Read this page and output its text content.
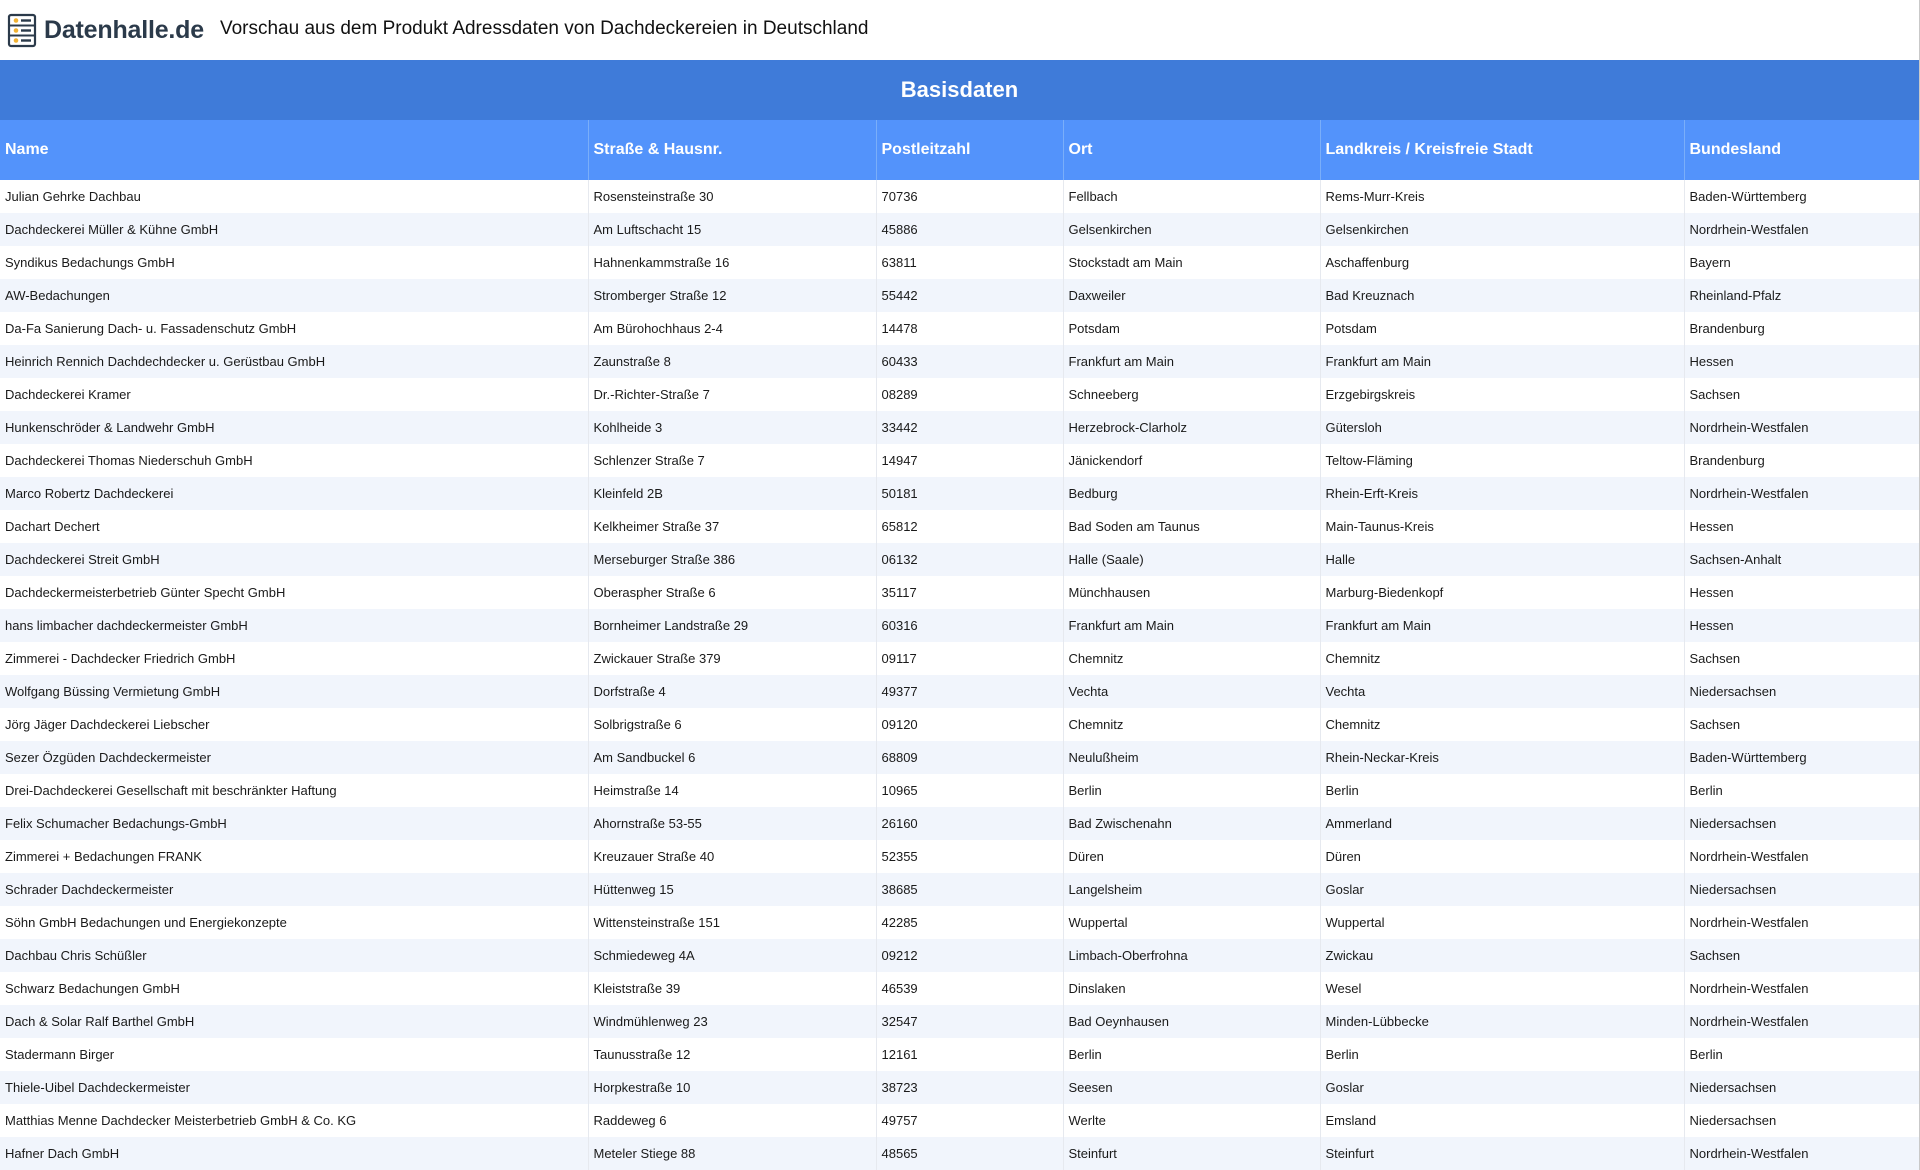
Datenhalle.de Vorschau aus dem Produkt Adressdaten von Dachdeckereien in Deutschland
Basisdaten
Name	Straße & Hausnr.	Postleitzahl	Ort	Landkreis / Kreisfreie Stadt	Bundesland
Julian Gehrke Dachbau	Rosensteinstraße 30	70736	Fellbach	Rems-Murr-Kreis	Baden-Württemberg
Dachdeckerei Müller & Kühne GmbH	Am Luftschacht 15	45886	Gelsenkirchen	Gelsenkirchen	Nordrhein-Westfalen
Syndikus Bedachungs GmbH	Hahnenkammstraße 16	63811	Stockstadt am Main	Aschaffenburg	Bayern
AW-Bedachungen	Stromberger Straße 12	55442	Daxweiler	Bad Kreuznach	Rheinland-Pfalz
Da-Fa Sanierung Dach- u. Fassadenschutz GmbH	Am Bürohochhaus 2-4	14478	Potsdam	Potsdam	Brandenburg
Heinrich Rennich Dachdechdecker u. Gerüstbau GmbH	Zaunstraße 8	60433	Frankfurt am Main	Frankfurt am Main	Hessen
Dachdeckerei Kramer	Dr.-Richter-Straße 7	08289	Schneeberg	Erzgebirgskreis	Sachsen
Hunkenschröder & Landwehr GmbH	Kohlheide 3	33442	Herzebrock-Clarholz	Gütersloh	Nordrhein-Westfalen
Dachdeckerei Thomas Niederschuh GmbH	Schlenzer Straße 7	14947	Jänickendorf	Teltow-Fläming	Brandenburg
Marco Robertz Dachdeckerei	Kleinfeld 2B	50181	Bedburg	Rhein-Erft-Kreis	Nordrhein-Westfalen
Dachart Dechert	Kelkheimer Straße 37	65812	Bad Soden am Taunus	Main-Taunus-Kreis	Hessen
Dachdeckerei Streit GmbH	Merseburger Straße 386	06132	Halle (Saale)	Halle	Sachsen-Anhalt
Dachdeckermeisterbetrieb Günter Specht GmbH	Oberaspher Straße 6	35117	Münchhausen	Marburg-Biedenkopf	Hessen
hans limbacher dachdeckermeister GmbH	Bornheimer Landstraße 29	60316	Frankfurt am Main	Frankfurt am Main	Hessen
Zimmerei - Dachdecker Friedrich GmbH	Zwickauer Straße 379	09117	Chemnitz	Chemnitz	Sachsen
Wolfgang Büssing Vermietung GmbH	Dorfstraße 4	49377	Vechta	Vechta	Niedersachsen
Jörg Jäger Dachdeckerei Liebscher	Solbrigstraße 6	09120	Chemnitz	Chemnitz	Sachsen
Sezer Özgüden Dachdeckermeister	Am Sandbuckel 6	68809	Neulußheim	Rhein-Neckar-Kreis	Baden-Württemberg
Drei-Dachdeckerei Gesellschaft mit beschränkter Haftung	Heimstraße 14	10965	Berlin	Berlin	Berlin
Felix Schumacher Bedachungs-GmbH	Ahornstraße 53-55	26160	Bad Zwischenahn	Ammerland	Niedersachsen
Zimmerei + Bedachungen FRANK	Kreuzauer Straße 40	52355	Düren	Düren	Nordrhein-Westfalen
Schrader Dachdeckermeister	Hüttenweg 15	38685	Langelsheim	Goslar	Niedersachsen
Söhn GmbH Bedachungen und Energiekonzepte	Wittensteinstraße 151	42285	Wuppertal	Wuppertal	Nordrhein-Westfalen
Dachbau Chris Schüßler	Schmiedeweg 4A	09212	Limbach-Oberfrohna	Zwickau	Sachsen
Schwarz Bedachungen GmbH	Kleiststraße 39	46539	Dinslaken	Wesel	Nordrhein-Westfalen
Dach & Solar Ralf Barthel GmbH	Windmühlenweg 23	32547	Bad Oeynhausen	Minden-Lübbecke	Nordrhein-Westfalen
Stadermann Birger	Taunusstraße 12	12161	Berlin	Berlin	Berlin
Thiele-Uibel Dachdeckermeister	Horpkestraße 10	38723	Seesen	Goslar	Niedersachsen
Matthias Menne Dachdecker Meisterbetrieb GmbH & Co. KG	Raddeweg 6	49757	Werlte	Emsland	Niedersachsen
Hafner Dach GmbH	Meteler Stiege 88	48565	Steinfurt	Steinfurt	Nordrhein-Westfalen
